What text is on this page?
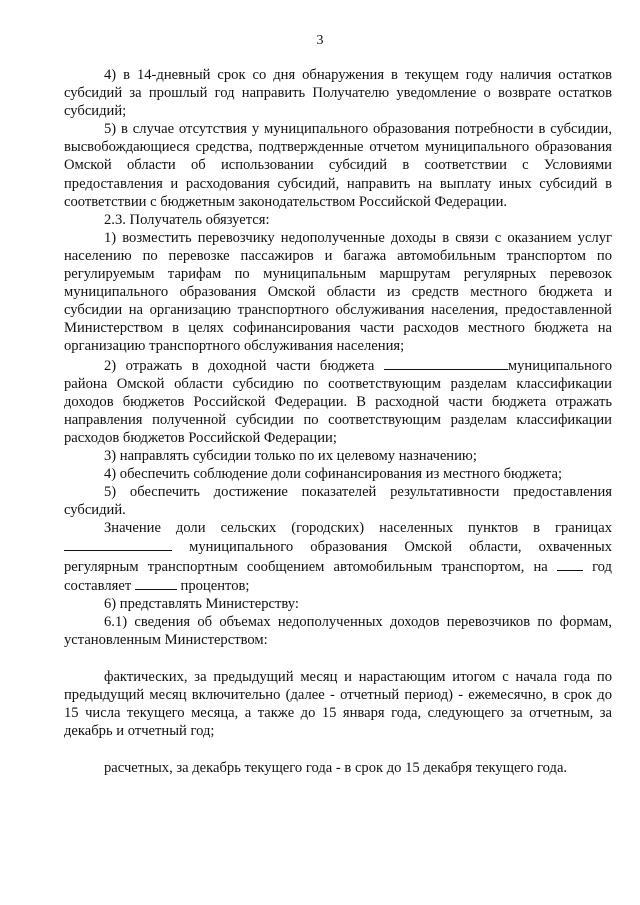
3

4) в 14-дневный срок со дня обнаружения в текущем году наличия остатков субсидий за прошлый год направить Получателю уведомление о возврате остатков субсидий;

5) в случае отсутствия у муниципального образования потребности в субсидии, высвобождающиеся средства, подтвержденные отчетом муниципального образования Омской области об использовании субсидий в соответствии с Условиями предоставления и расходования субсидий, направить на выплату иных субсидий в соответствии с бюджетным законодательством Российской Федерации.

2.3. Получатель обязуется:

1) возместить перевозчику недополученные доходы в связи с оказанием услуг населению по перевозке пассажиров и багажа автомобильным транспортом по регулируемым тарифам по муниципальным маршрутам регулярных перевозок муниципального образования Омской области из средств местного бюджета и субсидии на организацию транспортного обслуживания населения, предоставленной Министерством в целях софинансирования части расходов местного бюджета на организацию транспортного обслуживания населения;

2) отражать в доходной части бюджета	муниципального района Омской области субсидию по соответствующим разделам классификации доходов бюджетов Российской Федерации. В расходной части бюджета отражать направления полученной субсидии по соответствующим разделам классификации расходов бюджетов Российской Федерации;

3) направлять субсидии только по их целевому назначению;

4) обеспечить соблюдение доли софинансирования из местного бюджета;

5) обеспечить достижение показателей результативности предоставления субсидий.

Значение доли сельских (городских) населенных пунктов в границах  муниципального образования Омской области, охваченных регулярным транспортным сообщением автомобильным транспортом, на	год составляет	процентов;

6) представлять Министерству:

6.1) сведения об объемах недополученных доходов перевозчиков по формам, установленным Министерством:

фактических, за предыдущий месяц и нарастающим итогом с начала года по предыдущий месяц включительно (далее - отчетный период) - ежемесячно, в срок до 15 числа текущего месяца, а также до 15 января года, следующего за отчетным, за декабрь и отчетный год;

расчетных, за декабрь текущего года - в срок до 15 декабря текущего года.
